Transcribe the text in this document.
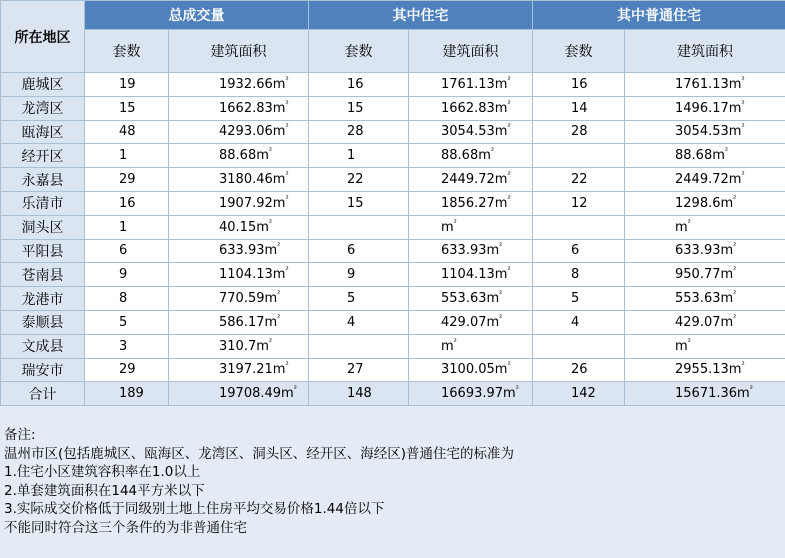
所在地区	总成交量		其中住宅		其中普通住宅	
	套数	建筑面积	套数	建筑面积	套数	建筑面积
鹿城区	19	$1932.66m^{^2}$	16	$1761.13m^{^2}$	16	$1761.13m^{^2}$
龙湾区	15	$1662.83m^{^2}$	15	$1662.83m^{^2}$	14	$1496.17m^{^2}$
瓯海区	48	$4293.06m^{^2}$	28	$3054.53m^{^2}$	28	$3054.53m^{^2}$
经开区	1	$88.68m^{^2}$	1	$88.68m^{^2}$		$88.68m^{^2}$
永嘉县	29	$3180.46m^{^2}$	22	$2449.72m^{^2}$	22	$2449.72m^{^2}$
乐清市	16	$1907.92m^{^2}$	15	$1856.27m^{^2}$	12	$1298.6m^{^2}$
洞头区	1	$40.15m^{^2}$		$m^{^2}$		$m^{^2}$
平阳县	6	$633.93m^{^2}$	6	$633.93m^{^2}$	6	$633.93m^{^2}$
苍南县	9	$1104.13m^{^2}$	9	$1104.13m^{^2}$	8	$950.77m^{^2}$
龙港市	8	$770.59m^{^2}$	5	$553.63m^{^2}$	5	$553.63m^{^2}$
泰顺县	5	$586.17m^{^2}$	4	$429.07m^{^2}$	4	$429.07m^{^2}$
文成县	3	$310.7m^{^2}$		$m^{^2}$		$m^{^2}$
瑞安市	29	$3197.21m^{^2}$	27	$3100.05m^{^2}$	26	$2955.13m^{^2}$
合计	189	$19708.49m^{^2}$	148	$16693.97m^{^2}$	142	$15671.36m^{^2}$
备注:
温州市区(包括鹿城区、瓯海区、龙湾区、洞头区、经开区、海经区)普通住宅的标准为
1.住宅小区建筑容积率在1.0以上
2.单套建筑面积在144平方米以下
3.实际成交价格低于同级别土地上住房平均交易价格1.44倍以下
不能同时符合这三个条件的为非普通住宅
